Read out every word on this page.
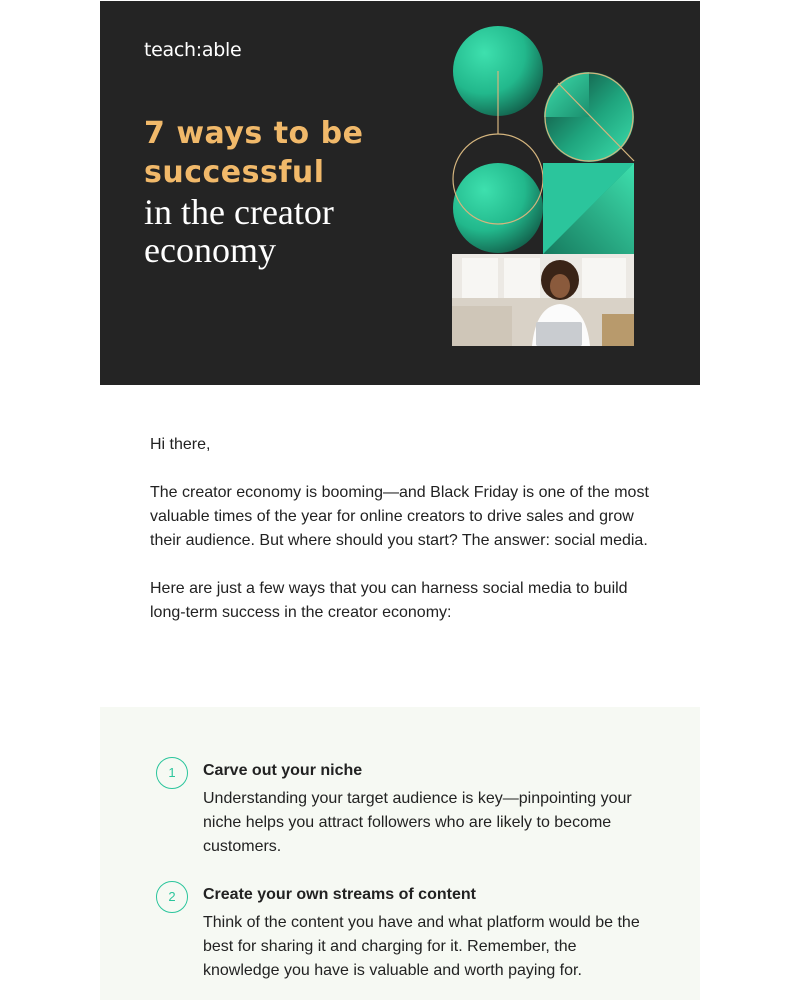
teach:able
7 ways to be
successful
in the creator
economy

Hi there,

The creator economy is booming—and Black Friday is one of the most valuable times of the year for online creators to drive sales and grow their audience. But where should you start? The answer: social media.

Here are just a few ways that you can harness social media to build long-term success in the creator economy:

1	Carve out your niche
Understanding your target audience is key—pinpointing your niche helps you attract followers who are likely to become customers.
2	Create your own streams of content
Think of the content you have and what platform would be the best for sharing it and charging for it. Remember, the knowledge you have is valuable and worth paying for.
